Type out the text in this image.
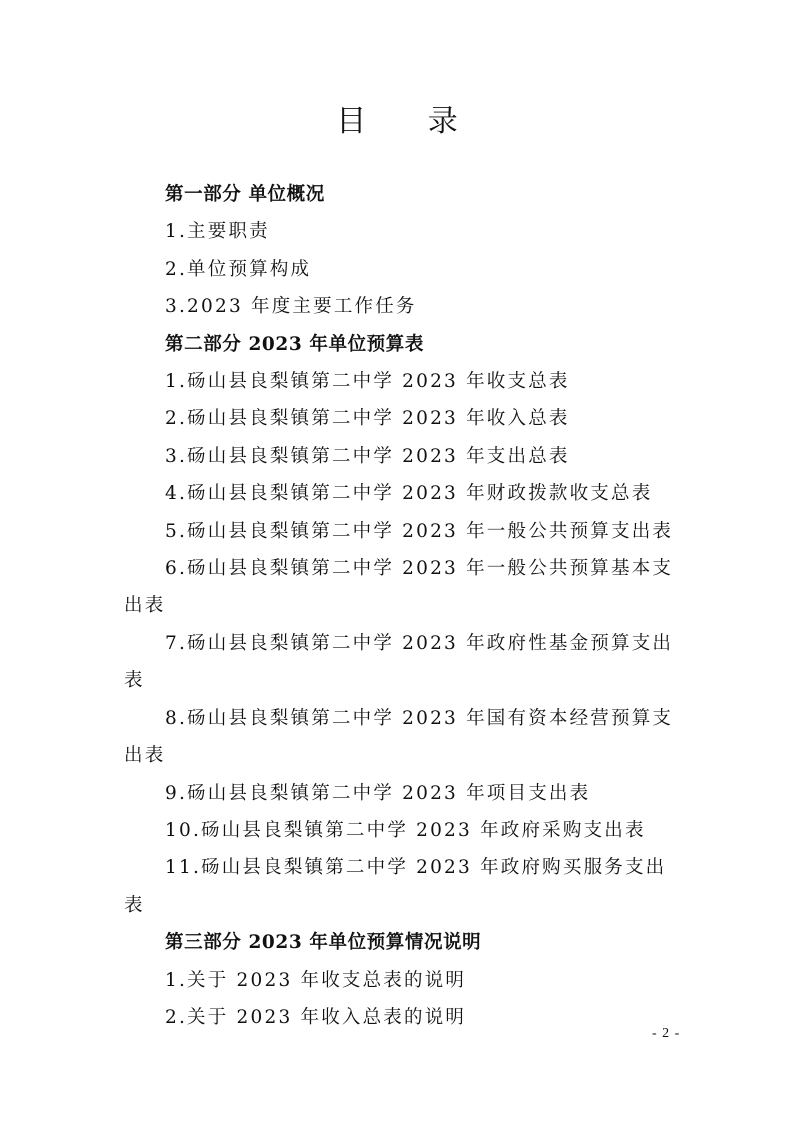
目 录
第一部分 单位概况
1.主要职责
2.单位预算构成
3.2023 年度主要工作任务
第二部分 2023 年单位预算表
1.砀山县良梨镇第二中学 2023 年收支总表
2.砀山县良梨镇第二中学 2023 年收入总表
3.砀山县良梨镇第二中学 2023 年支出总表
4.砀山县良梨镇第二中学 2023 年财政拨款收支总表
5.砀山县良梨镇第二中学 2023 年一般公共预算支出表
6.砀山县良梨镇第二中学 2023 年一般公共预算基本支出表
7.砀山县良梨镇第二中学 2023 年政府性基金预算支出表
8.砀山县良梨镇第二中学 2023 年国有资本经营预算支出表
9.砀山县良梨镇第二中学 2023 年项目支出表
10.砀山县良梨镇第二中学 2023 年政府采购支出表
11.砀山县良梨镇第二中学 2023 年政府购买服务支出表
第三部分 2023 年单位预算情况说明
1.关于 2023 年收支总表的说明
2.关于 2023 年收入总表的说明
- 2 -
